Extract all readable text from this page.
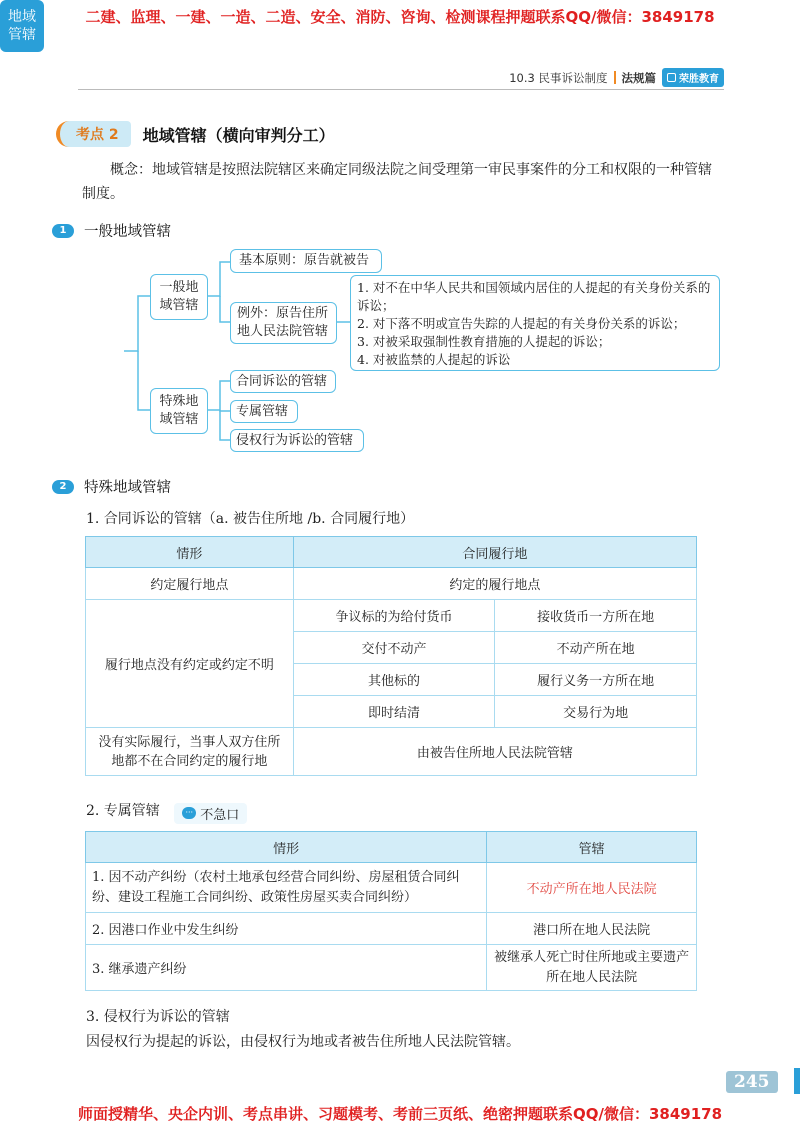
二建、监理、一建、一造、二造、安全、消防、咨询、检测课程押题联系QQ/微信：3849178
10.3 民事诉讼制度 法规篇 荣胜教育
考点 2	地域管辖（横向审判分工）
概念：地域管辖是按照法院辖区来确定同级法院之间受理第一审民事案件的分工和权限的一种管辖制度。
1	一般地域管辖
地域管辖
一般地域管辖
基本原则：原告就被告
例外：原告住所地人民法院管辖
1. 对不在中华人民共和国领域内居住的人提起的有关身份关系的诉讼；
2. 对下落不明或宣告失踪的人提起的有关身份关系的诉讼；
3. 对被采取强制性教育措施的人提起的诉讼；
4. 对被监禁的人提起的诉讼
特殊地域管辖
合同诉讼的管辖
专属管辖
侵权行为诉讼的管辖
2	特殊地域管辖
1. 合同诉讼的管辖（a. 被告住所地 /b. 合同履行地）
情形	合同履行地	
约定履行地点	约定的履行地点	
履行地点没有约定或约定不明	争议标的为给付货币	接收货币一方所在地
	交付不动产	不动产所在地
	其他标的	履行义务一方所在地
	即时结清	交易行为地
没有实际履行，当事人双方住所地都不在合同约定的履行地	由被告住所地人民法院管辖	
2. 专属管辖	··· 不急口
情形	管辖
1. 因不动产纠纷（农村土地承包经营合同纠纷、房屋租赁合同纠纷、建设工程施工合同纠纷、政策性房屋买卖合同纠纷）	不动产所在地人民法院
2. 因港口作业中发生纠纷	港口所在地人民法院
3. 继承遗产纠纷	被继承人死亡时住所地或主要遗产所在地人民法院
3. 侵权行为诉讼的管辖
因侵权行为提起的诉讼，由侵权行为地或者被告住所地人民法院管辖。
245
师面授精华、央企内训、考点串讲、习题模考、考前三页纸、绝密押题联系QQ/微信：3849178
